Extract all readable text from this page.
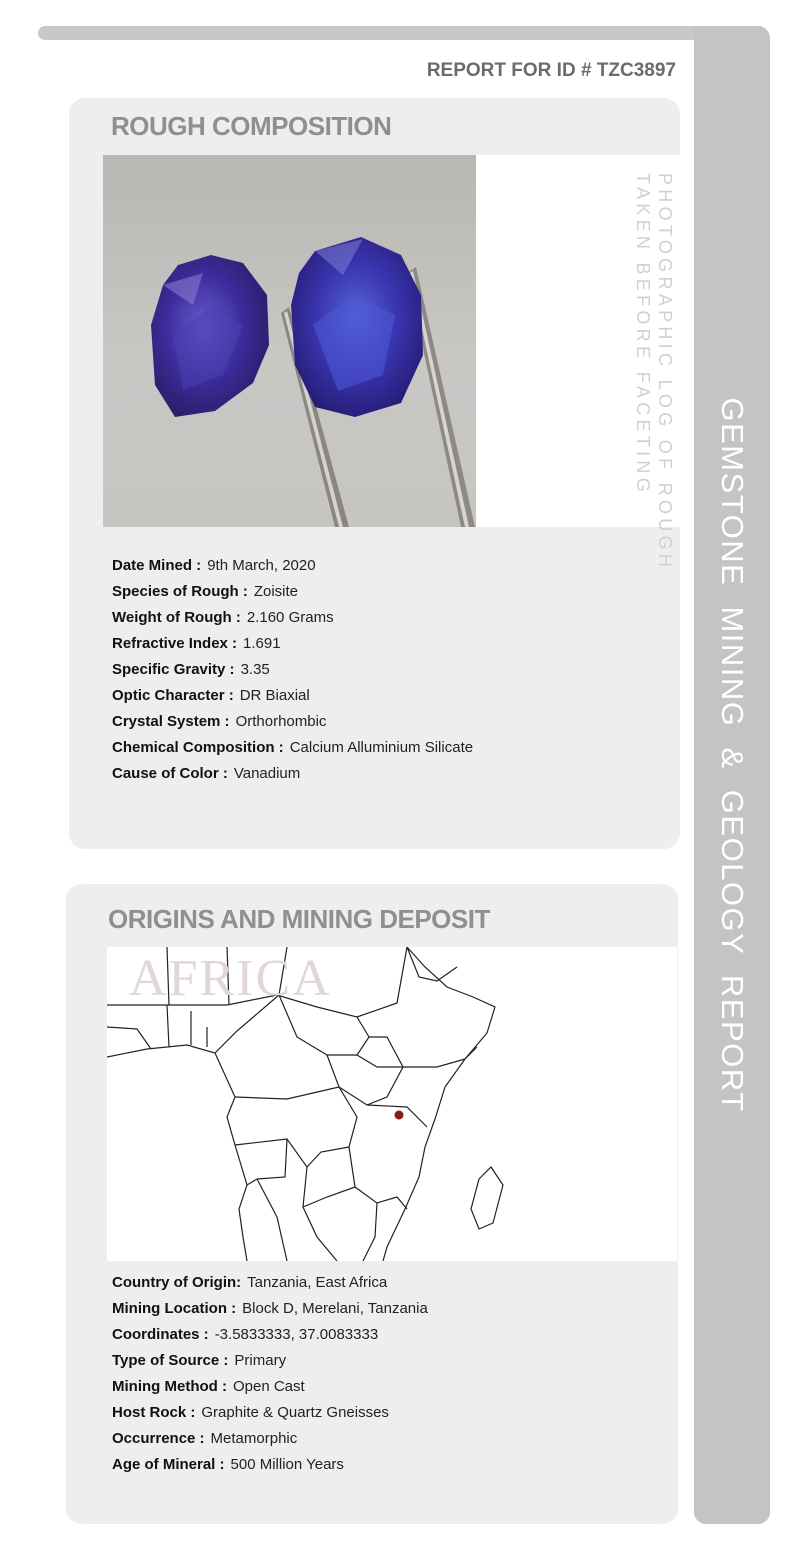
GEMSTONE MINING & GEOLOGY REPORT
REPORT FOR ID # TZC3897
ROUGH COMPOSITION
PHOTOGRAPHIC LOG OF ROUGH
TAKEN BEFORE FACETING
Date Mined : 9th March, 2020
Species of Rough : Zoisite
Weight of Rough : 2.160 Grams
Refractive Index : 1.691
Specific Gravity : 3.35
Optic Character : DR Biaxial
Crystal System : Orthorhombic
Chemical Composition : Calcium Alluminium Silicate
Cause of Color : Vanadium
ORIGINS AND MINING DEPOSIT
AFRICA
Country of Origin: Tanzania, East Africa
Mining Location : Block D, Merelani, Tanzania
Coordinates : -3.5833333, 37.0083333
Type of Source : Primary
Mining Method : Open Cast
Host Rock : Graphite & Quartz Gneisses
Occurrence : Metamorphic
Age of Mineral : 500 Million Years
